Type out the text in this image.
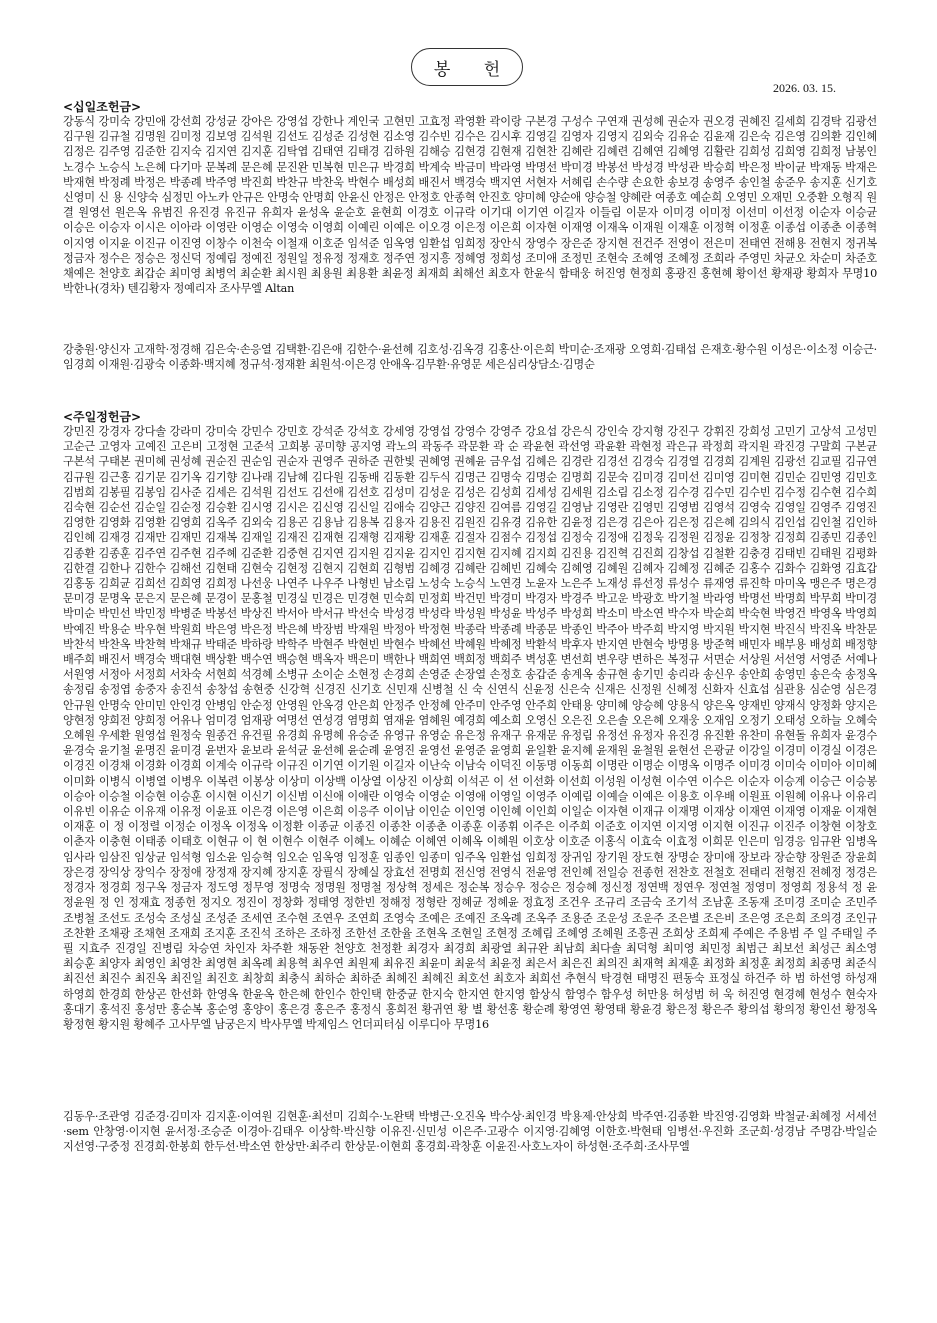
봉 헌
2026. 03. 15.

<십일조헌금>

강동식 강미숙 강민애 강선희 강성균 강아은 강영섭 강한나 계인국 고현민 고효정 곽영환 곽이랑 구본경 구성수 구연재 권성혜 권순자 권오경 권혜진 길세희 김경탁 김광선 김구원 김규철 김명원 김미정 김보영 김석원 김선도 김성준 김성현 김소영 김수빈 김수은 김시후 김영길 김영자 김영지 김외숙 김유순 김윤재 김은숙 김은영 김의환 김인혜 김정은 김주영 김준한 김지숙 김지연 김지훈 김탁엽 김태연 김태경 김하원 김해승 김현경 김현재 김현찬 김혜란 김혜련 김혜연 김혜영 김활란 김희성 김희영 김희정 남봉인 노경수 노승식 노은혜 다기마 문복례 문은혜 문진완 민복현 민은규 박경희 박계숙 박금미 박라영 박명선 박미경 박봉선 박성경 박성관 박승희 박은정 박이균 박재동 박재은 박재현 박정례 박정은 박종례 박주영 박진희 박찬규 박찬욱 박현수 배성희 배진서 백경숙 백지연 서현자 서혜림 손수량 손요한 송보경 송영주 송인철 송준우 송지훈 신기호 신영미 신 용 신양숙 심정민 아노카 안규은 안명숙 안명희 안윤신 안정은 안정호 안종혁 안진호 양미혜 양순애 양승철 양혜란 여종호 예순희 오영민 오재민 오중환 오형직 원 결 원영선 원은옥 유범진 유진경 유진규 유희자 윤성옥 윤순호 윤현희 이경호 이규락 이기대 이기연 이길자 이들림 이문자 이미경 이미정 이선미 이선정 이순자 이승균 이승은 이승자 이시은 이아라 이영란 이영순 이영숙 이영희 이예린 이예은 이오경 이은정 이은희 이자현 이재영 이재옥 이재원 이재훈 이정혁 이정훈 이종섭 이종춘 이종혁 이지영 이지윤 이진규 이진영 이창수 이천숙 이철재 이호준 임석준 임옥영 임환섭 임희정 장안식 장영수 장은준 장지현 전건주 전영이 전은미 전태연 전해용 전현지 정귀복 정금자 정수은 정승은 정신덕 정예림 정예진 정원일 정유정 정재호 정주연 정지흥 정혜영 정희성 조미애 조정민 조현숙 조혜영 조혜정 조희라 주영민 차균오 차순미 차준호 채예은 천양호 최갑순 최미영 최병억 최순환 최시원 최용원 최용환 최윤정 최재희 최해선 최호자 한윤식 함태웅 허진영 현정희 홍광진 홍현혜 황이선 황재광 황희자 무명10 박한나(경차) 텐김황자 정예리자 조사무엘 Altan

강충원·양신자 고재학·정경해 김은숙·손응열 김택환·김은애 김한수·윤선혜 김호성·김옥경 김홍산·이은희 박미순·조재광 오영희·김태섭 은재호·황수원 이성은·이소정 이승근·임경희 이재원·김광숙 이종화·백지혜 정규석·정재환 최원석·이은경 안애옥·김무환·유영문 세은심리상담소·김명순

<주일정헌금>

강민진 강경자 강다솔 강라미 강미숙 강민수 강민호 강석준 강석호 강세영 강영섭 강영수 강영주 강요섭 강은식 강인숙 강지형 강진구 강휘진 강희성 고민기 고상석 고성민 고순근 고영자 고예진 고은비 고정현 고준석 고희봉 공미향 공지영 곽노의 곽동주 곽문환 곽 순 곽윤현 곽선영 곽윤환 곽현정 곽은규 곽정희 곽지원 곽진경 구말희 구본균 구본석 구태본 권미혜 권성혜 권순진 권순임 권순자 권영주 권하준 권한빛 권혜영 권혜윤 금우섭 김혜은 김경란 김경선 김경숙 김경열 김경희 김계원 김광선 김교필 김규연 김규원 김근홍 김기문 김기옥 김기향 김나래 김남혜 김다원 김동배 김동환 김두식 김명근 김명숙 김명순 김명희 김문숙 김미경 김미선 김미영 김미현 김민순 김민영 김민호 김범희 김봉필 김봉임 김사준 김세은 김석원 김선도 김선애 김선호 김성미 김성운 김성은 김성희 김세성 김세원 김소림 김소정 김수경 김수민 김수빈 김수정 김수현 김수희 김숙현 김순선 김순일 김순정 김승환 김시영 김시은 김신영 김신일 김애숙 김양근 김양진 김여름 김영길 김영남 김영란 김영민 김영범 김영석 김영숙 김영일 김영주 김영진 김영한 김영화 김영환 김영희 김옥주 김외숙 김용곤 김용남 김용복 김용자 김용진 김원진 김유경 김유한 김윤정 김은경 김은아 김은정 김은혜 김의식 김인섭 김인철 김인하 김인혜 김재경 김재만 김재민 김재복 김재일 김재진 김재현 김재형 김재황 김재훈 김절자 김점수 김정섭 김정숙 김정애 김정욱 김정원 김정윤 김정창 김정희 김종민 김종인 김종환 김종훈 김주연 김주현 김주혜 김준환 김중현 김지연 김지원 김지윤 김지인 김지현 김지혜 김지희 김진용 김진혁 김진희 김창섭 김철환 김충경 김태빈 김태원 김평화 김한결 김한나 김한수 김해선 김현태 김현숙 김현정 김현지 김현희 김형범 김혜경 김혜란 김혜빈 김혜숙 김혜영 김혜원 김혜자 김혜정 김혜준 김홍수 김화수 김화영 김효갑 김홍동 김희균 김희선 김희영 김희정 나선웅 나연주 나우주 나형빈 남소림 노성숙 노승식 노연경 노윤자 노은주 노재성 류선정 류성수 류재영 류진학 마미옥 맹은주 명은경 문미경 문명옥 문은지 문은혜 문경이 문홍철 민경실 민경은 민경현 민숙희 민정희 박건민 박경미 박경자 박경주 박고운 박광호 박기철 박라영 박명선 박명희 박무희 박미경 박미순 박민선 박민정 박병준 박봉선 박상진 박서아 박서규 박선숙 박성경 박성락 박성원 박성윤 박성주 박성희 박소미 박소연 박수자 박순희 박숙현 박영건 박영옥 박영희 박예진 박용순 박우현 박원희 박은영 박은정 박은혜 박장범 박재원 박정아 박정현 박종락 박종례 박종문 박종인 박주아 박주희 박지영 박지원 박지현 박진식 박진옥 박찬문 박찬석 박찬옥 박찬혁 박채규 박태준 박하랑 박학주 박현주 박현빈 박현수 박혜선 박혜원 박혜정 박환석 박후자 반지연 반현숙 방명용 방준혁 배민자 배부용 배성희 배정향 배주희 배진서 백경숙 백대현 백상환 백수연 백승현 백옥자 백은미 백한나 백희연 백희정 백희주 벽성훈 변선희 변우량 변하은 복정규 서면순 서상원 서선영 서영준 서예나 서원영 서정아 서정희 서차숙 서현희 석경혜 소병규 소이순 소현정 손경희 손영준 손장열 손정호 송갑준 송계옥 송규현 송기민 송리라 송신우 송안희 송영민 송은숙 송정옥 송정림 송정엽 송중자 송진석 송창섭 송현중 신강혁 신경진 신기호 신민재 신병철 신 숙 신연식 신윤정 신은숙 신재은 신정원 신혜정 신화자 신효섭 심관용 심순영 심은경 안규원 안명숙 안미민 안인경 안병임 안순정 안영원 안옥경 안은희 안정주 안정혜 안주미 안주영 안주희 안태용 양미혜 양승혜 양용식 양은옥 양재빈 양재식 양정화 양지은 양현정 양희전 양희정 어유나 엄미경 엄재광 여명선 연성경 염명희 염재윤 염혜원 예경희 예소희 오영신 오은진 오은솔 오은혜 오재웅 오재임 오정기 오태성 오하늘 오혜숙 오혜원 우세환 원영섭 원정숙 원종건 유건필 유경희 유명혜 유승준 유영규 유영순 유은정 유재구 유재문 유정림 유정선 유정자 유진경 유진환 유찬미 유현돌 유희자 윤경수 윤경숙 윤기철 윤명진 윤미경 윤번자 윤보라 윤석균 윤선혜 윤순례 윤영진 윤영선 윤영준 윤영희 윤일환 윤지혜 윤재원 윤철원 윤현선 은광균 이강일 이경미 이경실 이경은 이경진 이경채 이경화 이경희 이계숙 이규락 이규진 이기연 이기원 이길자 이난숙 이남숙 이덕진 이동명 이동희 이명란 이명순 이명옥 이명주 이미경 이미숙 이미아 이미혜 이미화 이병식 이병열 이병우 이복련 이봉상 이상미 이상백 이상열 이상진 이상희 이석곤 이 선 이선화 이선희 이성원 이성현 이수연 이수은 이순자 이승계 이승근 이승봉 이승아 이승철 이승현 이승훈 이시현 이신기 이신범 이신애 이애란 이영숙 이영순 이영애 이영일 이영주 이예림 이예슬 이예은 이용호 이우배 이원표 이원혜 이유나 이유리 이유빈 이유순 이유재 이유정 이윤표 이은경 이은영 이은희 이응주 이이남 이인순 이인영 이인혜 이인희 이일순 이자현 이재규 이재명 이재상 이재연 이재영 이재윤 이재현 이재훈 이 정 이정렬 이정순 이정옥 이정옥 이정환 이종균 이종진 이종찬 이종춘 이종훈 이종휘 이주은 이주희 이준호 이지연 이지영 이지현 이진규 이진주 이창현 이창호 이춘자 이충현 이태종 이태호 이현규 이 현 이현수 이현주 이혜노 이혜순 이혜연 이혜옥 이혜원 이호상 이호준 이홍식 이효숙 이효정 이희문 인은미 임경응 임규완 임병옥 임사라 임삼진 임상균 임석형 임소윤 임승혁 임오순 임옥영 임정훈 임종인 임종미 임주옥 임환섭 임희정 장귀임 장기원 장도현 장명순 장미애 장보라 장순향 장원준 장윤희 장은경 장익상 장익수 장정애 장정재 장지혜 장지훈 장필식 장혜실 장효선 전명희 전신영 전영식 전윤영 전인혜 전일승 전종헌 전찬호 전철호 전태리 전형진 전혜정 정경은 정경자 정경희 정구옥 정금자 정도영 정무영 정명숙 정명원 정명철 정상혁 정세은 정순복 정승우 정승은 정승혜 정신정 정연백 정연우 정연철 정영미 정영희 정용석 정 윤 정윤원 정 인 정재효 정종헌 정지오 정진이 정창화 정태영 정한빈 정해정 정형란 정혜균 정혜윤 정효정 조건우 조규리 조금숙 조기석 조남훈 조동재 조미경 조미순 조민주 조병철 조선도 조성숙 조성실 조성준 조세연 조수현 조연우 조연희 조영숙 조예은 조예진 조옥례 조옥주 조용준 조운성 조운주 조은별 조은비 조은영 조은희 조의경 조인규 조찬환 조채광 조채현 조재희 조지훈 조진석 조하은 조하정 조한선 조한율 조현옥 조현일 조현정 조혜림 조혜영 조혜원 조흥권 조희상 조희제 주예은 주용범 주 일 주태일 주 필 지효주 진경일 진병림 차승연 차인자 차주환 채동완 천양호 천정환 최경자 최경희 최광열 최규완 최남희 최다솔 최덕형 최미영 최민정 최범근 최보선 최성근 최소영 최승훈 최양자 최영인 최영찬 최영현 최옥례 최용혁 최우연 최원제 최유진 최윤미 최윤석 최윤정 최은서 최은진 최의진 최재혁 최재훈 최정화 최정훈 최정희 최종명 최준식 최진선 최진수 최진옥 최진일 최진호 최창희 최충식 최하순 최하준 최혜진 최혜진 최호선 최호자 최희선 추현식 탁경현 태명진 편동숙 표정실 하건주 하 범 하선영 하성재 하영희 한경희 한상곤 한선화 한영옥 한윤옥 한은혜 한인수 한인택 한중균 한지숙 한지연 한지영 함상식 함영수 함우성 허만용 허성범 허 욱 허진영 현경혜 현성수 현숙자 홍대기 홍석진 홍성만 홍순복 홍순영 홍양이 홍은경 홍은주 홍정식 홍희전 황귀연 황 별 황선홍 황순례 황영연 황영태 황윤경 황은정 황은주 황의섭 황의정 황인선 황정옥 황정현 황지원 황혜주 고사무엘 남궁은지 박사무엘 박제임스 언더피터심 이루디아 무명16

김동우·조관영 김준경·김미자 김지훈·이여원 김현훈·최선미 김희수·노완택 박병근·오진옥 박수상·최인경 박용제·안상희 박주연·김종환 박진영·김영화 박철균·최혜정 서세선·sem 안창영·이지현 윤서정·조승준 이경아·김태우 이상학·박신향 이유진·신민성 이은주·고광수 이지영·김혜영 이한호·박현태 임병선·우진화 조군희·성경남 주명감·박일순 지선영·구중정 진경희·한봉희 한두선·박소연 한상만·최주리 한상문·이현희 홍경희·곽창훈 이윤진·사호노자이 하성현·조주희·조사무엘
